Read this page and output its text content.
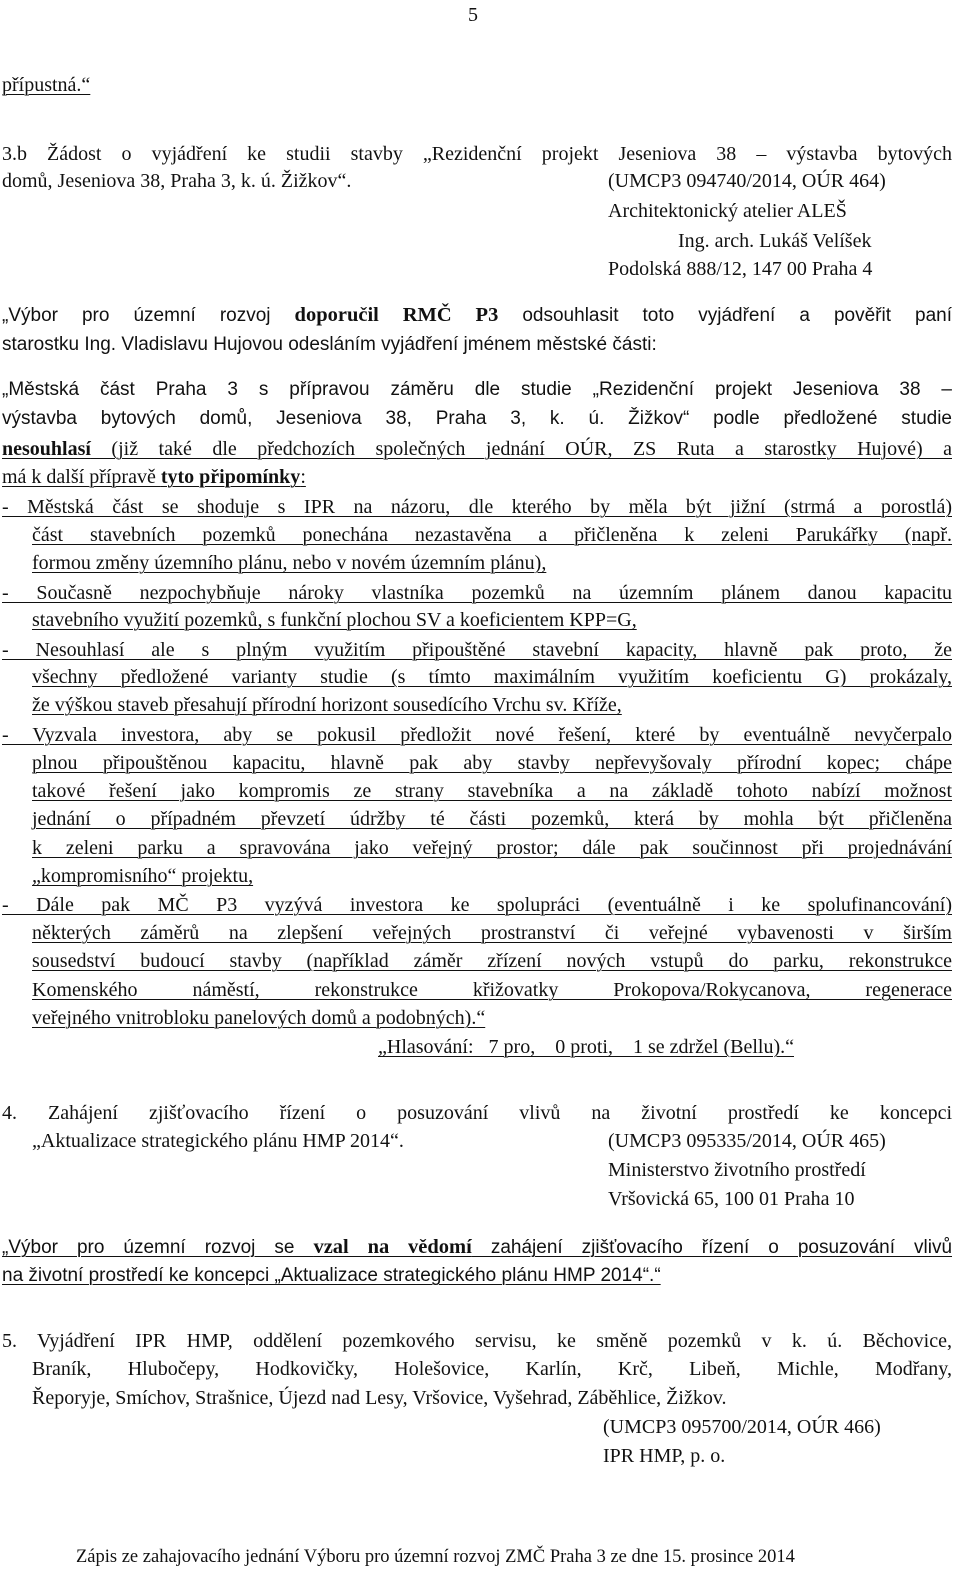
5
přípustná.“
3.b Žádost o vyjádření ke studii stavby „Rezidenční projekt Jeseniova 38 – výstavba bytových
domů, Jeseniova 38, Praha 3, k. ú. Žižkov“.	(UMCP3 094740/2014, OÚR 464)
Architektonický atelier ALEŠ
Ing. arch. Lukáš Velíšek
Podolská 888/12, 147 00 Praha 4
„Výbor pro územní rozvoj doporučil RMČ P3 odsouhlasit toto vyjádření a pověřit paní
starostku Ing. Vladislavu Hujovou odesláním vyjádření jménem městské části:
„Městská část Praha 3 s přípravou záměru dle studie „Rezidenční projekt Jeseniova 38 –
výstavba bytových domů, Jeseniova 38, Praha 3, k. ú. Žižkov“ podle předložené studie
nesouhlasí (již také dle předchozích společných jednání OÚR, ZS Ruta a starostky Hujové) a
má k další přípravě tyto připomínky:
- Městská část se shoduje s IPR na názoru, dle kterého by měla být jižní (strmá a porostlá)
část stavebních pozemků ponechána nezastavěna a přičleněna k zeleni Parukářky (např.
formou změny územního plánu, nebo v novém územním plánu),
- Současně nezpochybňuje nároky vlastníka pozemků na územním plánem danou kapacitu
stavebního využití pozemků, s funkční plochou SV a koeficientem KPP=G,
- Nesouhlasí ale s plným využitím připouštěné stavební kapacity, hlavně pak proto, že
všechny předložené varianty studie (s tímto maximálním využitím koeficientu G) prokázaly,
že výškou staveb přesahují přírodní horizont sousedícího Vrchu sv. Kříže,
- Vyzvala investora, aby se pokusil předložit nové řešení, které by eventuálně nevyčerpalo
plnou připouštěnou kapacitu, hlavně pak aby stavby nepřevyšovaly přírodní kopec; chápe
takové řešení jako kompromis ze strany stavebníka a na základě tohoto nabízí možnost
jednání o případném převzetí údržby té části pozemků, která by mohla být přičleněna
k zeleni parku a spravována jako veřejný prostor; dále pak součinnost při projednávání
„kompromisního“ projektu,
- Dále pak MČ P3 vyzývá investora ke spolupráci (eventuálně i ke spolufinancování)
některých záměrů na zlepšení veřejných prostranství či veřejné vybavenosti v širším
sousedství budoucí stavby (například záměr zřízení nových vstupů do parku, rekonstrukce
Komenského náměstí, rekonstrukce křižovatky Prokopova/Rokycanova, regenerace
veřejného vnitrobloku panelových domů a podobných).“
„Hlasování:   7 pro,    0 proti,    1 se zdržel (Bellu).“
4. Zahájení zjišťovacího řízení o posuzování vlivů na životní prostředí ke koncepci
„Aktualizace strategického plánu HMP 2014“.	(UMCP3 095335/2014, OÚR 465)
Ministerstvo životního prostředí
Vršovická 65, 100 01 Praha 10
„Výbor pro územní rozvoj se vzal na vědomí zahájení zjišťovacího řízení o posuzování vlivů
na životní prostředí ke koncepci „Aktualizace strategického plánu HMP 2014“.“
5. Vyjádření IPR HMP, oddělení pozemkového servisu, ke směně pozemků v k. ú. Běchovice,
Braník, Hlubočepy, Hodkovičky, Holešovice, Karlín, Krč, Libeň, Michle, Modřany,
Řeporyje, Smíchov, Strašnice, Újezd nad Lesy, Vršovice, Vyšehrad, Záběhlice, Žižkov.
(UMCP3 095700/2014, OÚR 466)
IPR HMP, p. o.
Zápis ze zahajovacího jednání Výboru pro územní rozvoj ZMČ Praha 3 ze dne 15. prosince 2014
